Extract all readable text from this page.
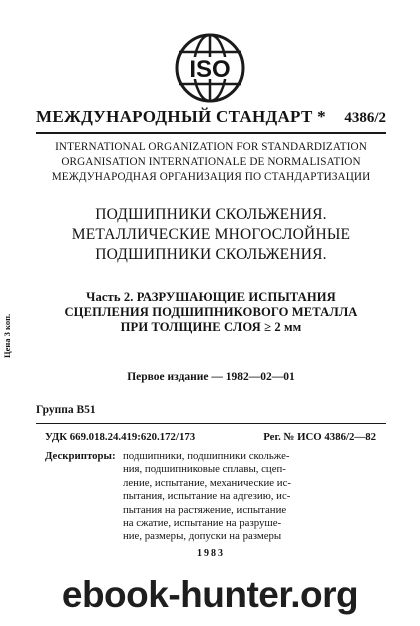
ISO
МЕЖДУНАРОДНЫЙ СТАНДАРТ * 4386/2
INTERNATIONAL ORGANIZATION FOR STANDARDIZATION
ORGANISATION INTERNATIONALE DE NORMALISATION
МЕЖДУНАРОДНАЯ ОРГАНИЗАЦИЯ ПО СТАНДАРТИЗАЦИИ
ПОДШИПНИКИ СКОЛЬЖЕНИЯ.
МЕТАЛЛИЧЕСКИЕ МНОГОСЛОЙНЫЕ
ПОДШИПНИКИ СКОЛЬЖЕНИЯ.
Часть 2. РАЗРУШАЮЩИЕ ИСПЫТАНИЯ
СЦЕПЛЕНИЯ ПОДШИПНИКОВОГО МЕТАЛЛА
ПРИ ТОЛЩИНЕ СЛОЯ ≥ 2 мм
Цена 3 коп.
Первое издание — 1982—02—01
Группа В51
УДК 669.018.24.419:620.172/173	Рег. № ИСО 4386/2—82
Дескрипторы: подшипники, подшипники скольже-
ния, подшипниковые сплавы, сцеп-
ление, испытание, механические ис-
пытания, испытание на адгезию, ис-
пытания на растяжение, испытание
на сжатие, испытание на разруше-
ние, размеры, допуски на размеры
1983
ebook-hunter.org
